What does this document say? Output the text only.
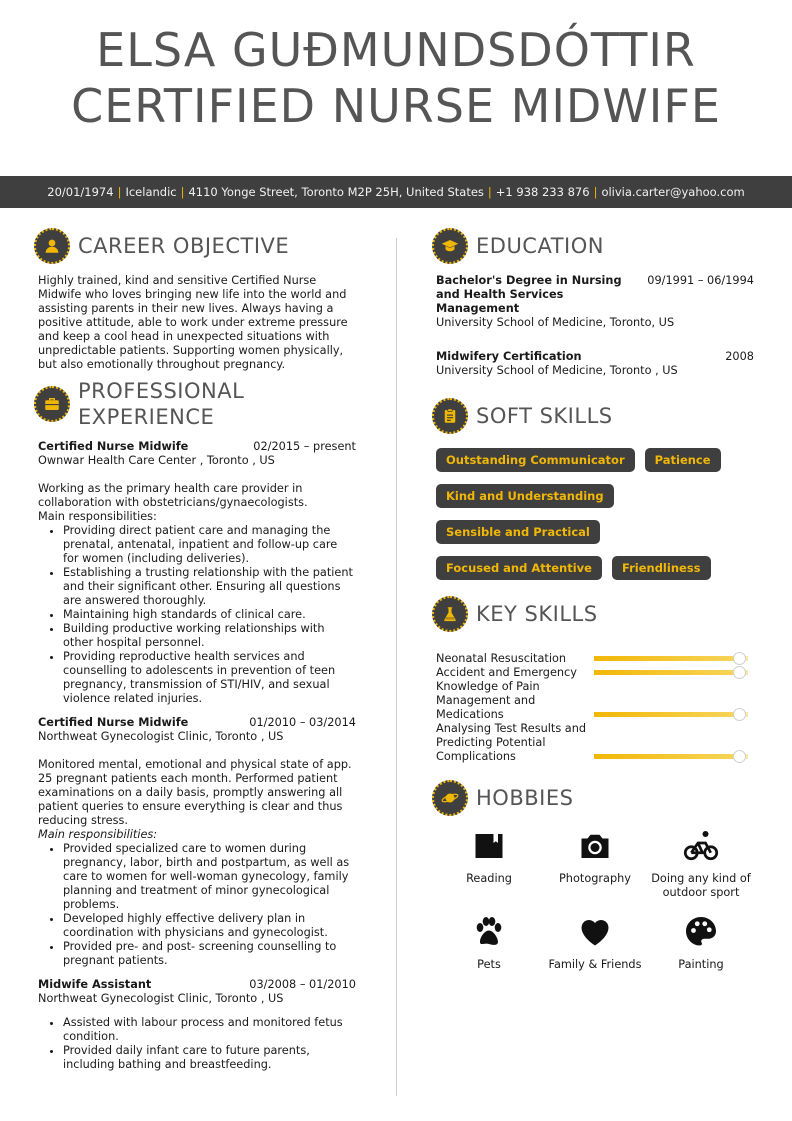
ELSA GUÐMUNDSDÓTTIR
CERTIFIED NURSE MIDWIFE
20/01/1974 | Icelandic | 4110 Yonge Street, Toronto M2P 25H, United States | +1 938 233 876 | olivia.carter@yahoo.com
CAREER OBJECTIVE

Highly trained, kind and sensitive Certified Nurse Midwife who loves bringing new life into the world and assisting parents in their new lives. Always having a positive attitude, able to work under extreme pressure and keep a cool head in unexpected situations with unpredictable patients. Supporting women physically, but also emotionally throughout pregnancy.

PROFESSIONAL
EXPERIENCE
Certified Nurse Midwife	02/2015 – present
Ownwar Health Care Center , Toronto , US
Working as the primary health care provider in collaboration with obstetricians/gynaecologists.
Main responsibilities:
• Providing direct patient care and managing the prenatal, antenatal, inpatient and follow-up care for women (including deliveries).
• Establishing a trusting relationship with the patient and their significant other. Ensuring all questions are answered thoroughly.
• Maintaining high standards of clinical care.
• Building productive working relationships with other hospital personnel.
• Providing reproductive health services and counselling to adolescents in prevention of teen pregnancy, transmission of STI/HIV, and sexual violence related injuries.
Certified Nurse Midwife	01/2010 – 03/2014
Northweat Gynecologist Clinic, Toronto , US
Monitored mental, emotional and physical state of app. 25 pregnant patients each month. Performed patient examinations on a daily basis, promptly answering all patient queries to ensure everything is clear and thus reducing stress.
Main responsibilities:
• Provided specialized care to women during pregnancy, labor, birth and postpartum, as well as care to women for well-woman gynecology, family planning and treatment of minor gynecological problems.
• Developed highly effective delivery plan in coordination with physicians and gynecologist.
• Provided pre- and post- screening counselling to pregnant patients.
Midwife Assistant	03/2008 – 01/2010
Northweat Gynecologist Clinic, Toronto , US
• Assisted with labour process and monitored fetus condition.
• Provided daily infant care to future parents, including bathing and breastfeeding.
EDUCATION
Bachelor's Degree in Nursing
and Health Services
Management
09/1991 – 06/1994
University School of Medicine, Toronto, US
Midwifery Certification	2008
University School of Medicine, Toronto , US
SOFT SKILLS
Outstanding Communicator	Patience
Kind and Understanding
Sensible and Practical
Focused and Attentive	Friendliness
KEY SKILLS
Neonatal Resuscitation
Accident and Emergency
Knowledge of Pain Management and Medications
Analysing Test Results and Predicting Potential Complications
HOBBIES
Reading	Photography	Doing any kind of outdoor sport
Pets	Family & Friends	Painting
